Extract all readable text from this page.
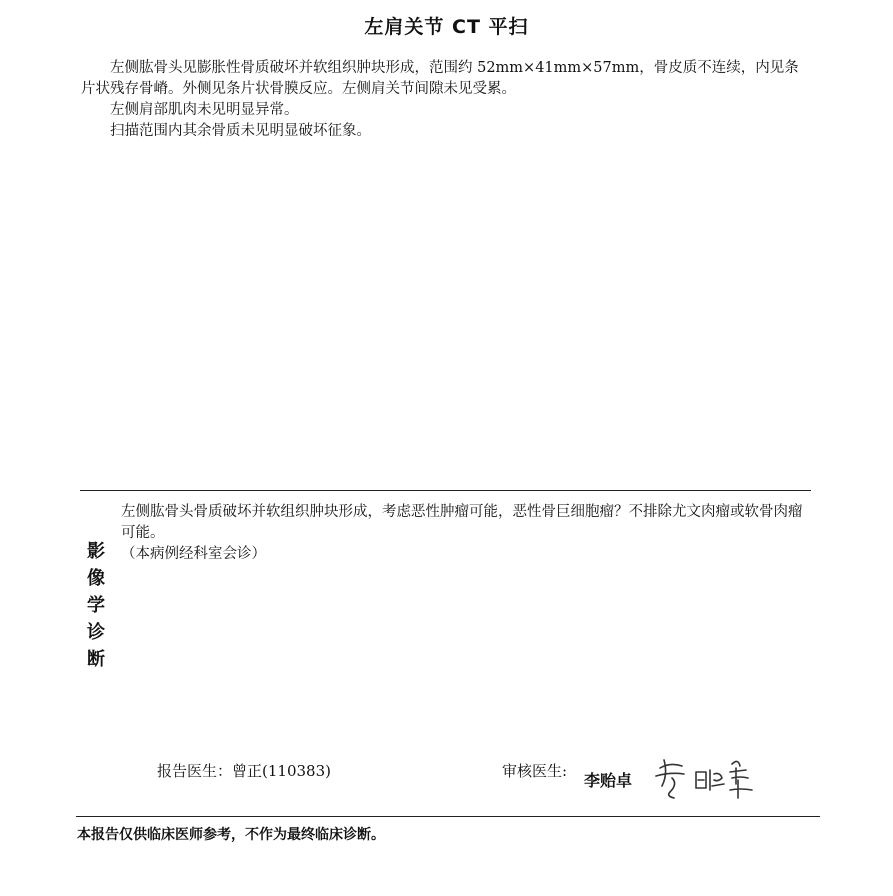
左肩关节 CT 平扫

左侧肱骨头见膨胀性骨质破坏并软组织肿块形成，范围约 52mm×41mm×57mm，骨皮质不连续，内见条片状残存骨嵴。外侧见条片状骨膜反应。左侧肩关节间隙未见受累。

左侧肩部肌肉未见明显异常。

扫描范围内其余骨质未见明显破坏征象。

影
像
学
诊
断

左侧肱骨头骨质破坏并软组织肿块形成，考虑恶性肿瘤可能，恶性骨巨细胞瘤？不排除尤文肉瘤或软骨肉瘤可能。

（本病例经科室会诊）

报告医生：曾正(110383)	审核医生: 李贻卓
本报告仅供临床医师参考，不作为最终临床诊断。
